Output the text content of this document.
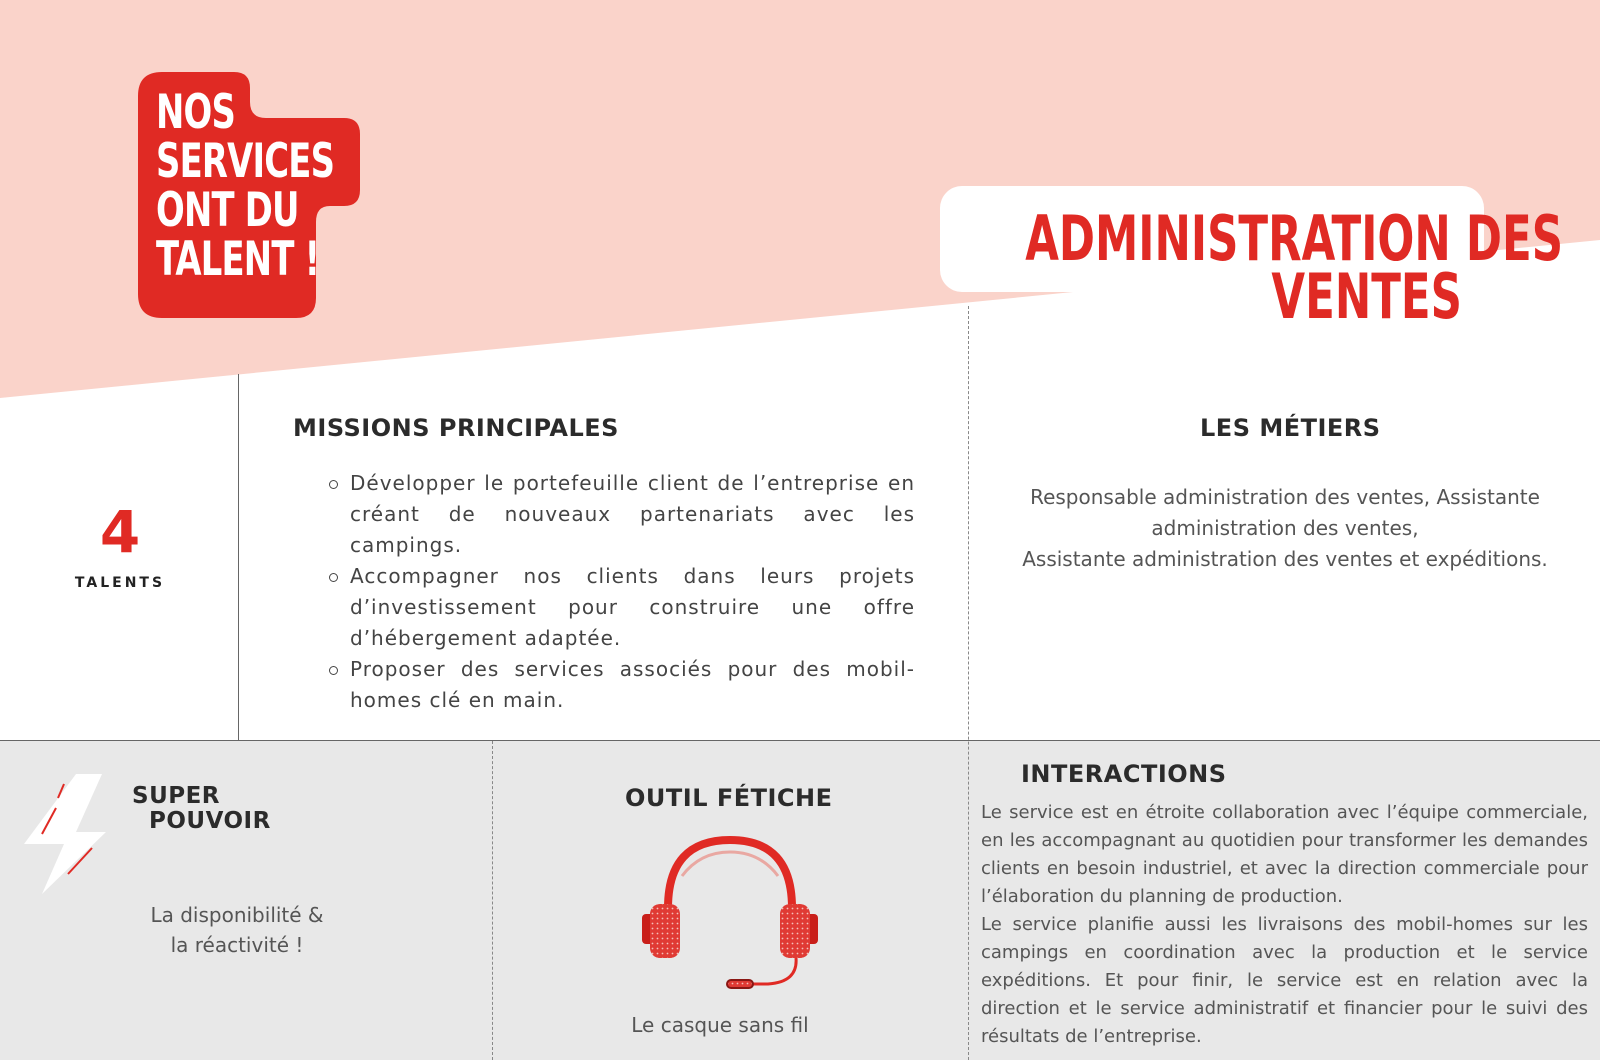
NOS
SERVICES
ONT DU
TALENT !	ADMINISTRATION DES
VENTES
4
TALENTS
MISSIONS PRINCIPALES
Développer le portefeuille client de l’entreprise en créant de nouveaux partenariats avec les campings.
Accompagner nos clients dans leurs projets d’investissement pour construire une offre d’hébergement adaptée.
Proposer des services associés pour des mobil-homes clé en main.
LES MÉTIERS
Responsable administration des ventes, Assistante administration des ventes,
Assistante administration des ventes et expéditions.
SUPER
POUVOIR
La disponibilité &
la réactivité !
OUTIL FÉTICHE
Le casque sans fil
INTERACTIONS

Le service est en étroite collaboration avec l’équipe commerciale, en les accompagnant au quotidien pour transformer les demandes clients en besoin industriel, et avec la direction commerciale pour l’élaboration du planning de production.

Le service planifie aussi les livraisons des mobil-homes sur les campings en coordination avec la production et le service expéditions. Et pour finir, le service est en relation avec la direction et le service administratif et financier pour le suivi des résultats de l’entreprise.
